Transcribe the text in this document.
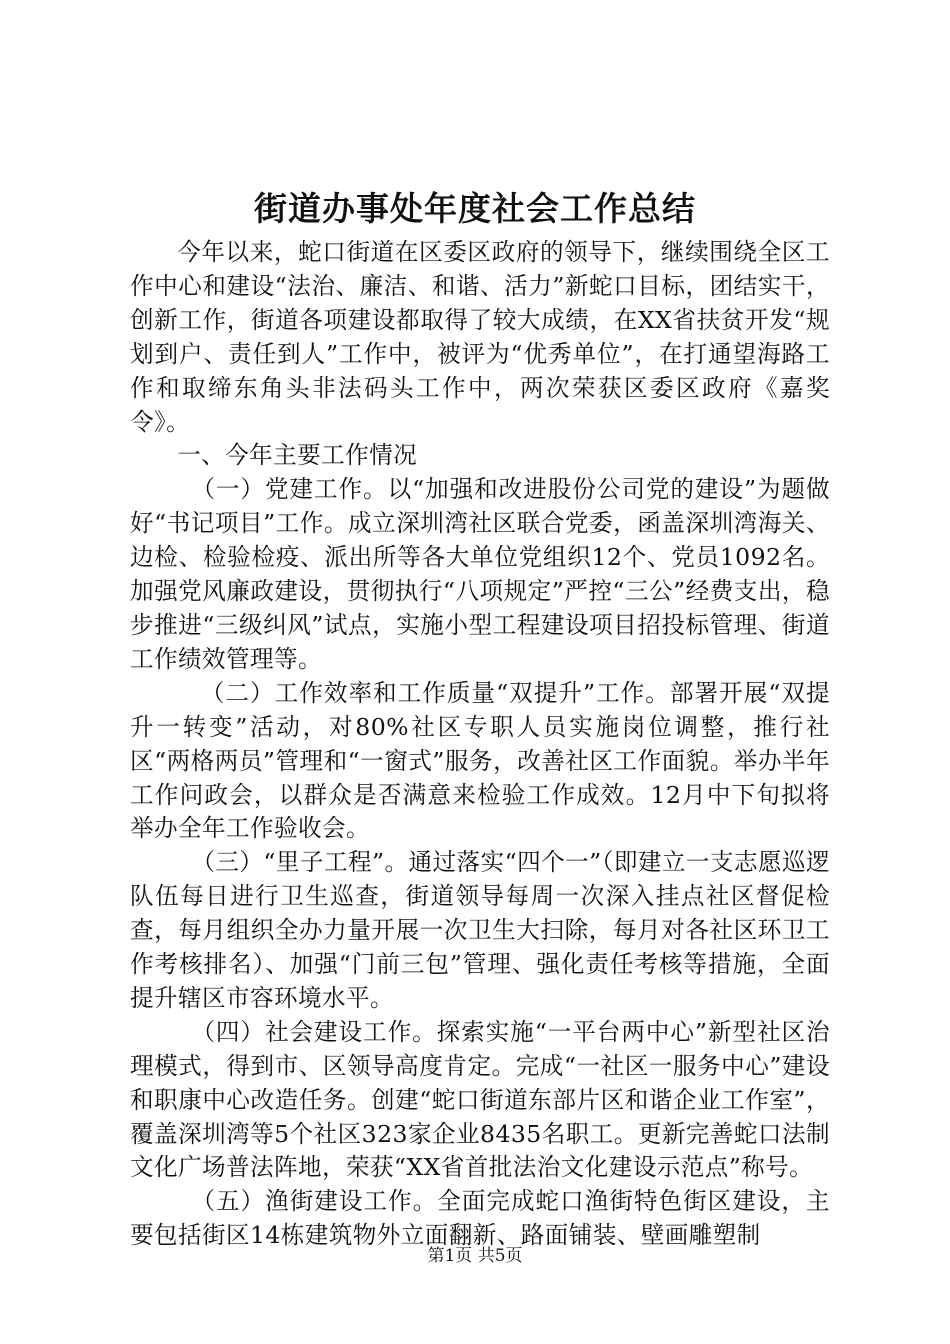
街道办事处年度社会工作总结

今年以来，蛇口街道在区委区政府的领导下，继续围绕全区工作中心和建设“法治、廉洁、和谐、活力”新蛇口目标，团结实干，创新工作，街道各项建设都取得了较大成绩，在XX省扶贫开发“规划到户、责任到人”工作中，被评为“优秀单位”，在打通望海路工作和取缔东角头非法码头工作中，两次荣获区委区政府《嘉奖令》。

一、今年主要工作情况

（一）党建工作。以“加强和改进股份公司党的建设”为题做好“书记项目”工作。成立深圳湾社区联合党委，函盖深圳湾海关、边检、检验检疫、派出所等各大单位党组织12个、党员1092名。加强党风廉政建设，贯彻执行“八项规定”严控“三公”经费支出，稳步推进“三级纠风”试点，实施小型工程建设项目招投标管理、街道工作绩效管理等。

（二）工作效率和工作质量“双提升”工作。部署开展“双提升一转变”活动，对80%社区专职人员实施岗位调整，推行社区“两格两员”管理和“一窗式”服务，改善社区工作面貌。举办半年工作问政会，以群众是否满意来检验工作成效。12月中下旬拟将举办全年工作验收会。

（三）“里子工程”。通过落实“四个一”（即建立一支志愿巡逻队伍每日进行卫生巡查，街道领导每周一次深入挂点社区督促检查，每月组织全办力量开展一次卫生大扫除，每月对各社区环卫工作考核排名）、加强“门前三包”管理、强化责任考核等措施，全面提升辖区市容环境水平。

（四）社会建设工作。探索实施“一平台两中心”新型社区治理模式，得到市、区领导高度肯定。完成“一社区一服务中心”建设和职康中心改造任务。创建“蛇口街道东部片区和谐企业工作室”，覆盖深圳湾等5个社区323家企业8435名职工。更新完善蛇口法制文化广场普法阵地，荣获“XX省首批法治文化建设示范点”称号。

（五）渔街建设工作。全面完成蛇口渔街特色街区建设，主要包括街区14栋建筑物外立面翻新、路面铺装、壁画雕塑制

第1页 共5页
